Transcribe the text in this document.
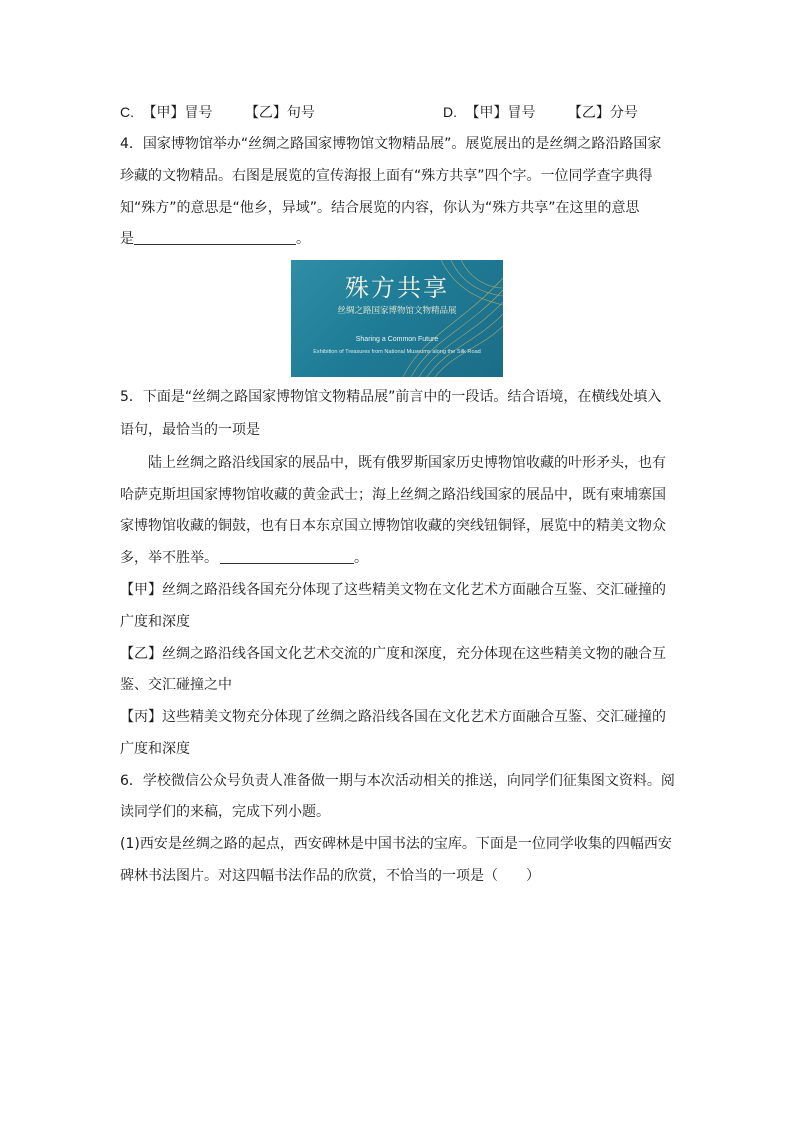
C. 【甲】冒号 【乙】句号	D. 【甲】冒号 【乙】分号
4．国家博物馆举办“丝绸之路国家博物馆文物精品展”。展览展出的是丝绸之路沿路国家
珍藏的文物精品。右图是展览的宣传海报上面有“殊方共享”四个字。一位同学查字典得
知“殊方”的意思是“他乡，异域”。结合展览的内容，你认为“殊方共享”在这里的意思
是	。
殊方共享
丝绸之路国家博物馆文物精品展
Sharing a Common Future
Exhibition of Treasures from National Museums along the Silk Road
5．下面是“丝绸之路国家博物馆文物精品展”前言中的一段话。结合语境，在横线处填入
语句，最恰当的一项是
陆上丝绸之路沿线国家的展品中，既有俄罗斯国家历史博物馆收藏的叶形矛头，也有
哈萨克斯坦国家博物馆收藏的黄金武士；海上丝绸之路沿线国家的展品中，既有柬埔寨国
家博物馆收藏的铜鼓，也有日本东京国立博物馆收藏的突线钮铜铎，展览中的精美文物众
多，举不胜举。	。
【甲】丝绸之路沿线各国充分体现了这些精美文物在文化艺术方面融合互鉴、交汇碰撞的
广度和深度
【乙】丝绸之路沿线各国文化艺术交流的广度和深度，充分体现在这些精美文物的融合互
鉴、交汇碰撞之中
【丙】这些精美文物充分体现了丝绸之路沿线各国在文化艺术方面融合互鉴、交汇碰撞的
广度和深度
6．学校微信公众号负责人准备做一期与本次活动相关的推送，向同学们征集图文资料。阅
读同学们的来稿，完成下列小题。
(1)西安是丝绸之路的起点，西安碑林是中国书法的宝库。下面是一位同学收集的四幅西安
碑林书法图片。对这四幅书法作品的欣赏，不恰当的一项是（　　）
